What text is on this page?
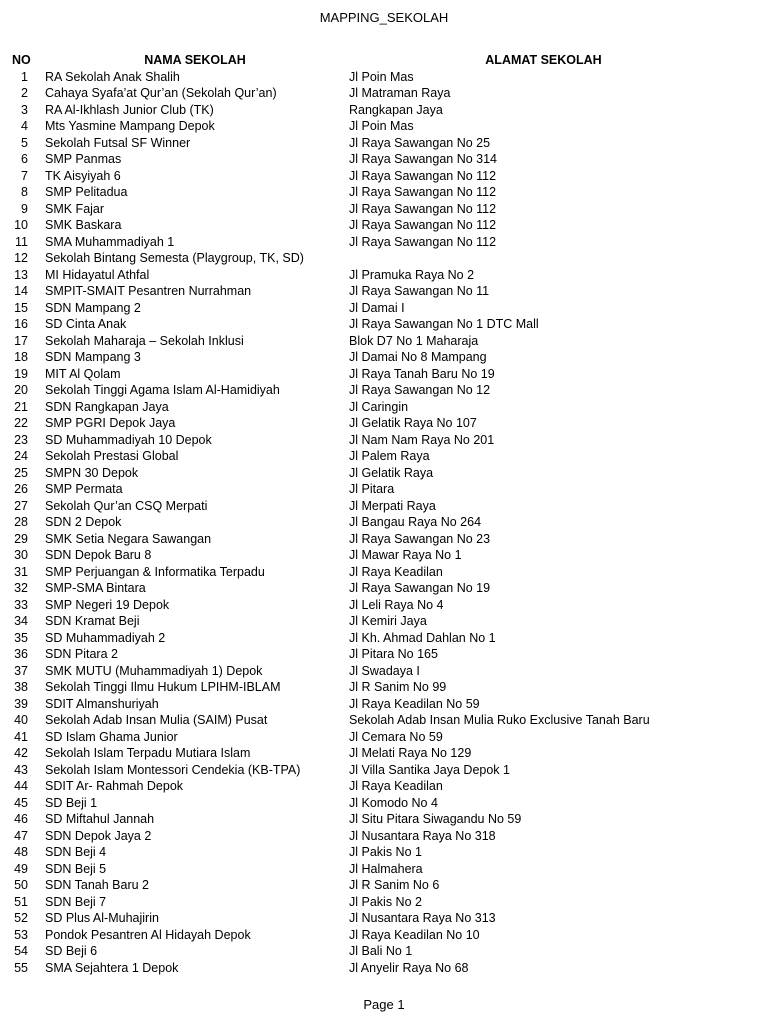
MAPPING_SEKOLAH
NO	NAMA SEKOLAH	ALAMAT SEKOLAH
1	RA Sekolah Anak Shalih	Jl Poin Mas
2	Cahaya Syafa’at Qur’an (Sekolah Qur’an)	Jl Matraman Raya
3	RA Al-Ikhlash Junior Club (TK)	Rangkapan Jaya
4	Mts Yasmine Mampang Depok	Jl Poin Mas
5	Sekolah Futsal SF Winner	Jl Raya Sawangan No 25
6	SMP Panmas	Jl Raya Sawangan No 314
7	TK Aisyiyah 6	Jl Raya Sawangan No 112
8	SMP Pelitadua	Jl Raya Sawangan No 112
9	SMK Fajar	Jl Raya Sawangan No 112
10	SMK Baskara	Jl Raya Sawangan No 112
11	SMA Muhammadiyah 1	Jl Raya Sawangan No 112
12	Sekolah Bintang Semesta (Playgroup, TK, SD)	
13	MI Hidayatul Athfal	Jl Pramuka Raya No 2
14	SMPIT-SMAIT Pesantren Nurrahman	Jl Raya Sawangan No 11
15	SDN Mampang 2	Jl Damai I
16	SD Cinta Anak	Jl Raya Sawangan No 1 DTC Mall
17	Sekolah Maharaja – Sekolah Inklusi	Blok D7 No 1 Maharaja
18	SDN Mampang 3	Jl Damai No 8 Mampang
19	MIT Al Qolam	Jl Raya Tanah Baru No 19
20	Sekolah Tinggi Agama Islam Al-Hamidiyah	Jl Raya Sawangan No 12
21	SDN Rangkapan Jaya	Jl Caringin
22	SMP PGRI Depok Jaya	Jl Gelatik Raya No 107
23	SD Muhammadiyah 10 Depok	Jl Nam Nam Raya No 201
24	Sekolah Prestasi Global	Jl Palem Raya
25	SMPN 30 Depok	Jl Gelatik Raya
26	SMP Permata	Jl Pitara
27	Sekolah Qur’an CSQ Merpati	Jl Merpati Raya
28	SDN 2 Depok	Jl Bangau Raya No 264
29	SMK Setia Negara Sawangan	Jl Raya Sawangan No 23
30	SDN Depok Baru 8	Jl Mawar Raya No 1
31	SMP Perjuangan & Informatika Terpadu	Jl Raya Keadilan
32	SMP-SMA Bintara	Jl Raya Sawangan No 19
33	SMP Negeri 19 Depok	Jl Leli Raya No 4
34	SDN Kramat Beji	Jl Kemiri Jaya
35	SD Muhammadiyah 2	Jl Kh. Ahmad Dahlan No 1
36	SDN Pitara 2	Jl Pitara No 165
37	SMK MUTU (Muhammadiyah 1) Depok	Jl Swadaya I
38	Sekolah Tinggi Ilmu Hukum LPIHM-IBLAM	Jl R Sanim No 99
39	SDIT Almanshuriyah	Jl Raya Keadilan No 59
40	Sekolah Adab Insan Mulia (SAIM) Pusat	Sekolah Adab Insan Mulia Ruko Exclusive Tanah Baru
41	SD Islam Ghama Junior	Jl Cemara No 59
42	Sekolah Islam Terpadu Mutiara Islam	Jl Melati Raya No 129
43	Sekolah Islam Montessori Cendekia (KB-TPA)	Jl Villa Santika Jaya Depok 1
44	SDIT Ar- Rahmah Depok	Jl Raya Keadilan
45	SD Beji 1	Jl Komodo No 4
46	SD Miftahul Jannah	Jl Situ Pitara Siwagandu No 59
47	SDN Depok Jaya 2	Jl Nusantara Raya No 318
48	SDN Beji 4	Jl Pakis No 1
49	SDN Beji 5	Jl Halmahera
50	SDN Tanah Baru 2	Jl R Sanim No 6
51	SDN Beji 7	Jl Pakis No 2
52	SD Plus Al-Muhajirin	Jl Nusantara Raya No 313
53	Pondok Pesantren Al Hidayah Depok	Jl Raya Keadilan No 10
54	SD Beji 6	Jl Bali No 1
55	SMA Sejahtera 1 Depok	Jl Anyelir Raya No 68
Page 1
